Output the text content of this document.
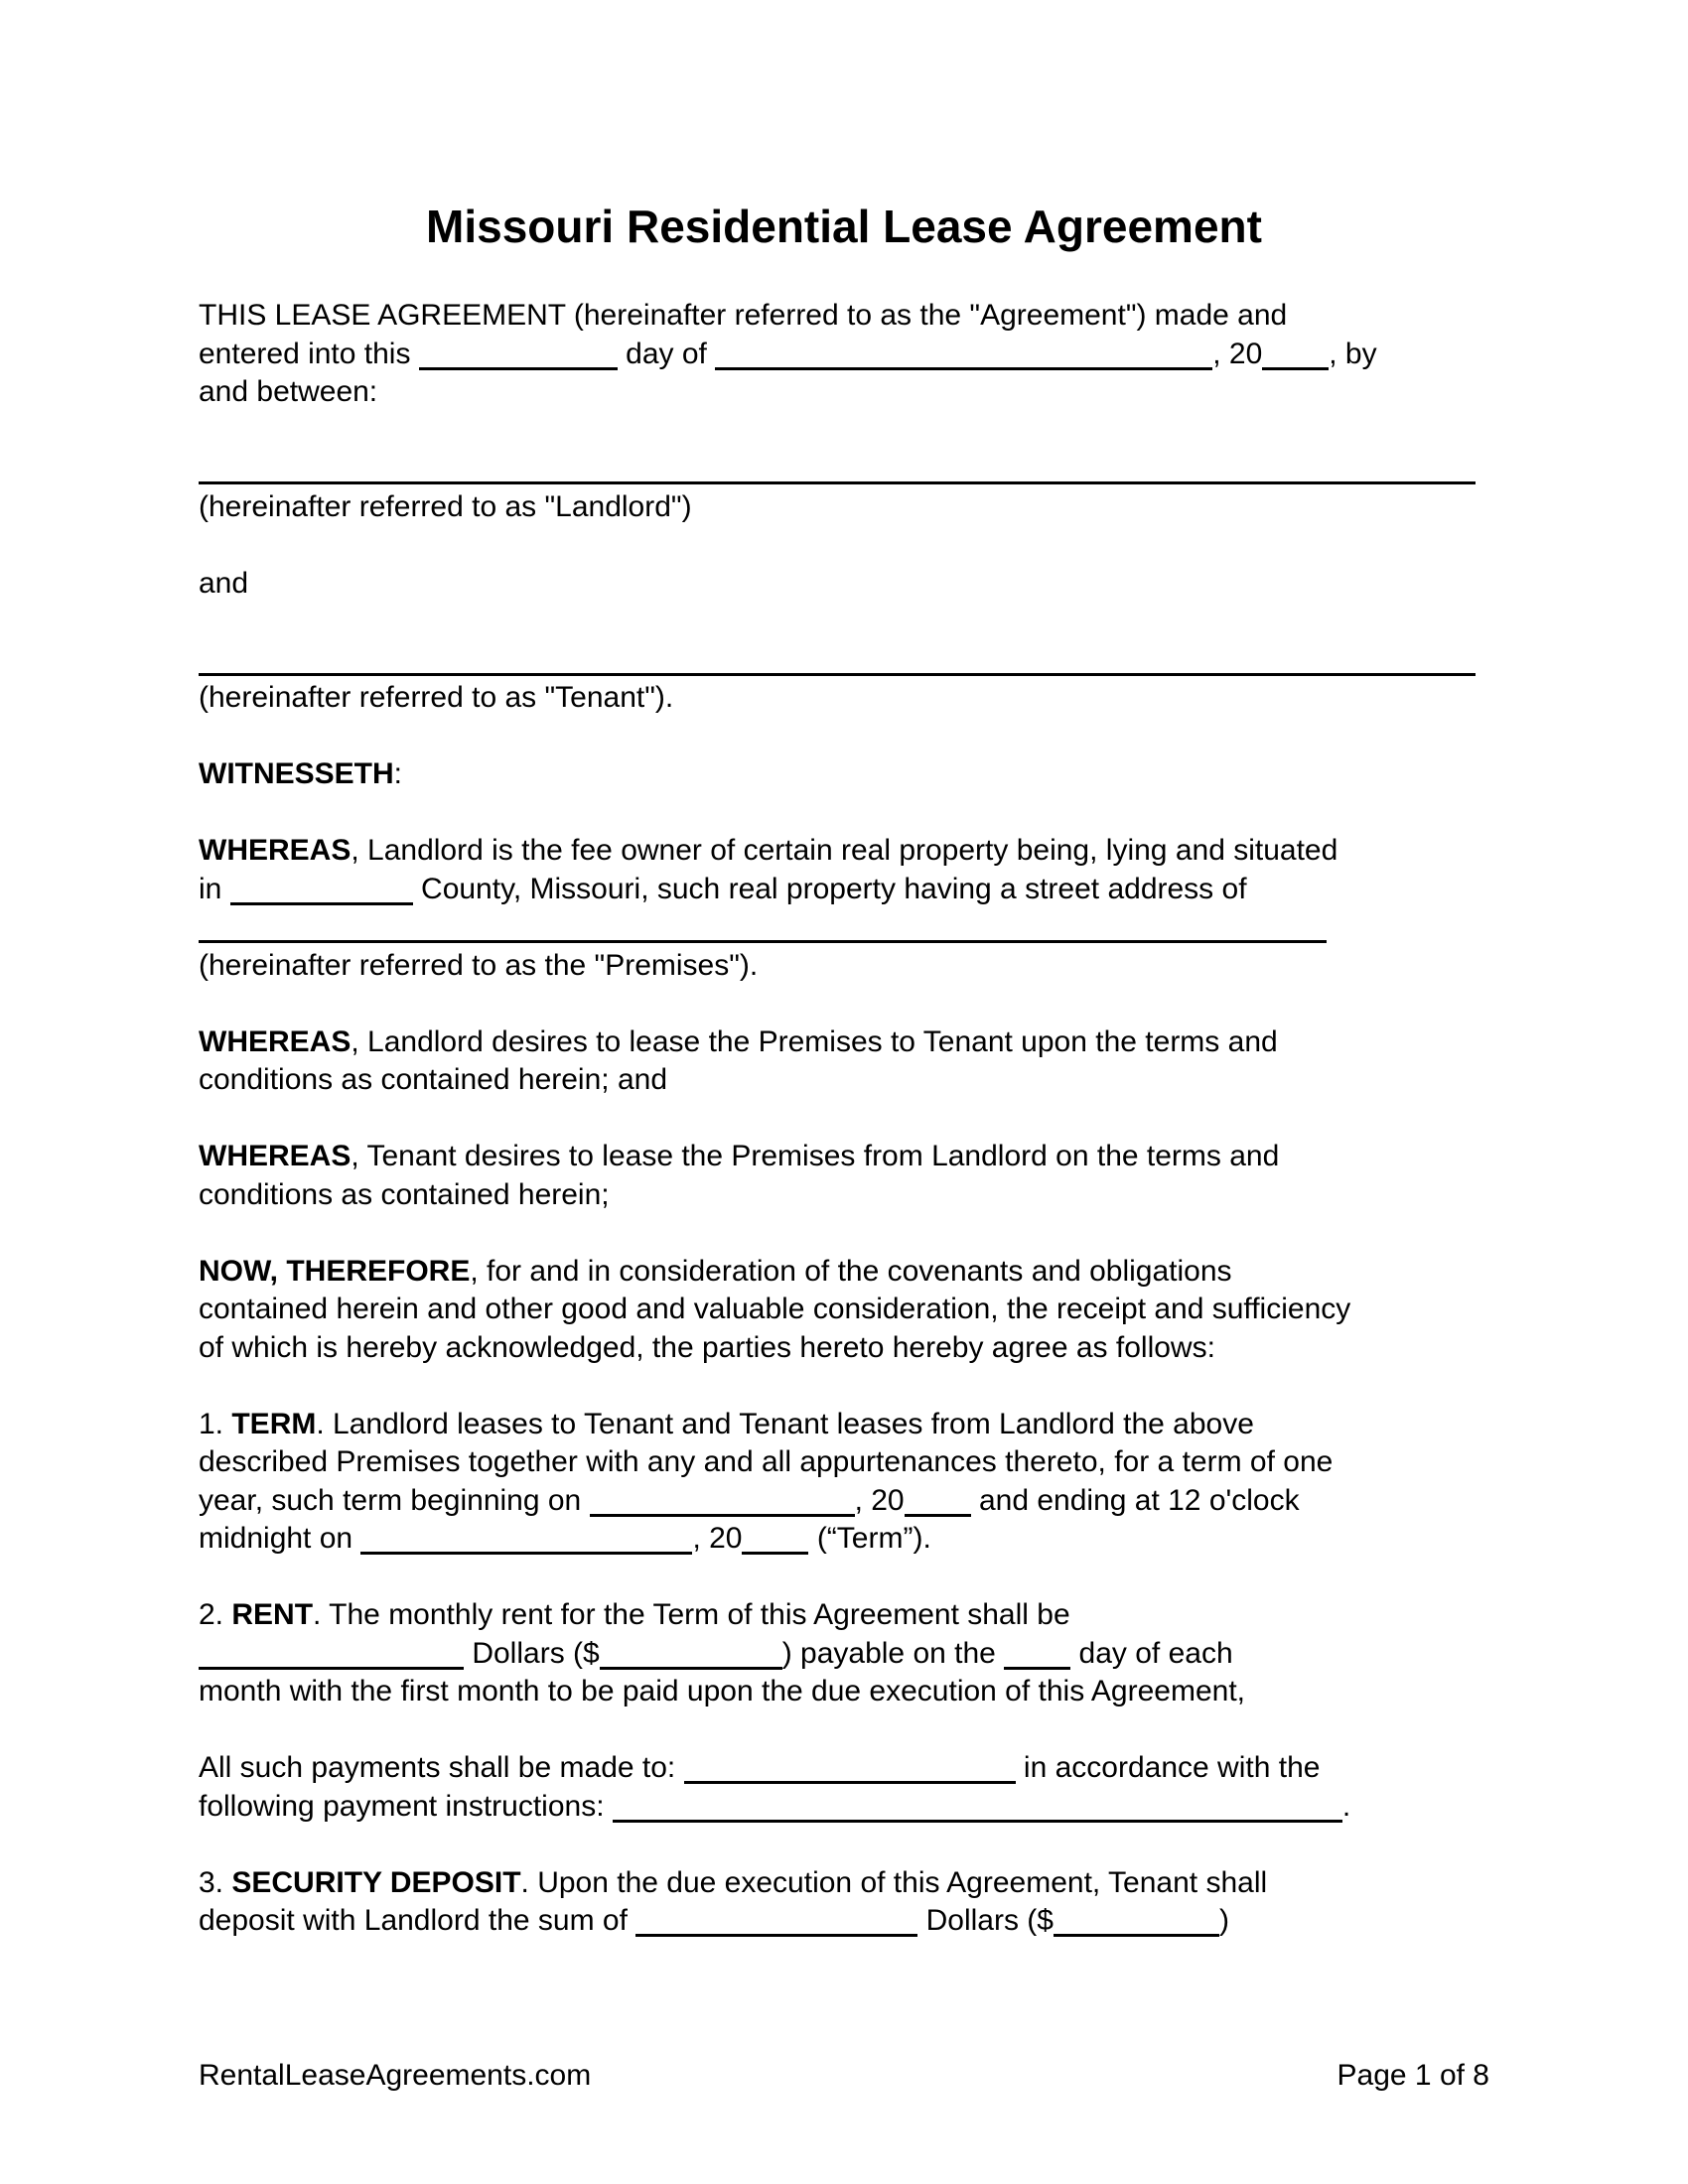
Missouri Residential Lease Agreement
THIS LEASE AGREEMENT (hereinafter referred to as the "Agreement") made and
entered into this	day of	, 20 , by
and between:
(hereinafter referred to as "Landlord")
and
(hereinafter referred to as "Tenant").
WITNESSETH:
WHEREAS, Landlord is the fee owner of certain real property being, lying and situated
in	County, Missouri, such real property having a street address of
(hereinafter referred to as the "Premises").
WHEREAS, Landlord desires to lease the Premises to Tenant upon the terms and
conditions as contained herein; and
WHEREAS, Tenant desires to lease the Premises from Landlord on the terms and
conditions as contained herein;
NOW, THEREFORE, for and in consideration of the covenants and obligations
contained herein and other good and valuable consideration, the receipt and sufficiency
of which is hereby acknowledged, the parties hereto hereby agree as follows:
1. TERM. Landlord leases to Tenant and Tenant leases from Landlord the above
described Premises together with any and all appurtenances thereto, for a term of one
year, such term beginning on	, 20 and ending at 12 o'clock
midnight on	, 20 (“Term”).
2. RENT. The monthly rent for the Term of this Agreement shall be
Dollars ($	) payable on the  day of each
month with the first month to be paid upon the due execution of this Agreement,
All such payments shall be made to:	in accordance with the
following payment instructions:	.
3. SECURITY DEPOSIT. Upon the due execution of this Agreement, Tenant shall
deposit with Landlord the sum of	Dollars ($	)
RentalLeaseAgreements.com	Page 1 of 8
